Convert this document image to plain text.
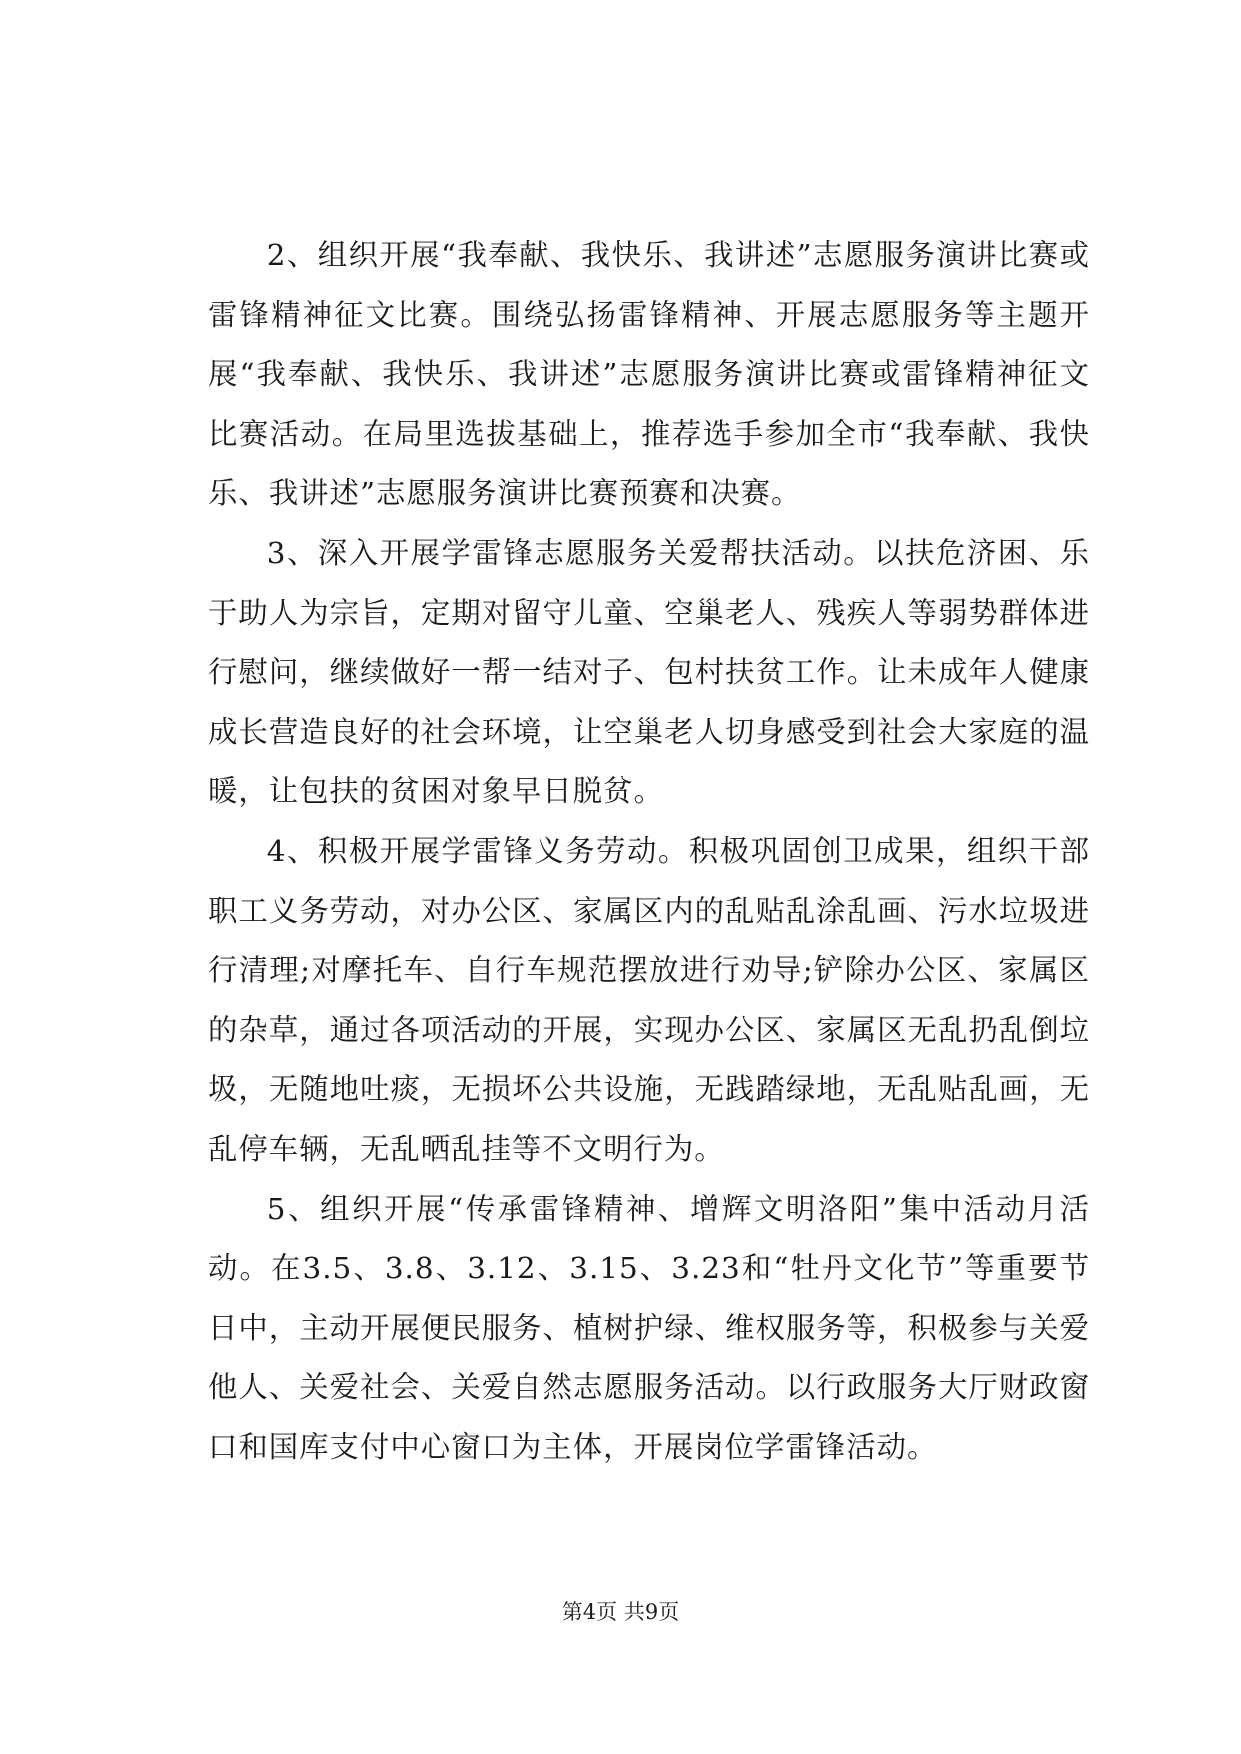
2、组织开展“我奉献、我快乐、我讲述”志愿服务演讲比赛或雷锋精神征文比赛。围绕弘扬雷锋精神、开展志愿服务等主题开展“我奉献、我快乐、我讲述”志愿服务演讲比赛或雷锋精神征文比赛活动。在局里选拔基础上，推荐选手参加全市“我奉献、我快乐、我讲述”志愿服务演讲比赛预赛和决赛。

3、深入开展学雷锋志愿服务关爱帮扶活动。以扶危济困、乐于助人为宗旨，定期对留守儿童、空巢老人、残疾人等弱势群体进行慰问，继续做好一帮一结对子、包村扶贫工作。让未成年人健康成长营造良好的社会环境，让空巢老人切身感受到社会大家庭的温暖，让包扶的贫困对象早日脱贫。

4、积极开展学雷锋义务劳动。积极巩固创卫成果，组织干部职工义务劳动，对办公区、家属区内的乱贴乱涂乱画、污水垃圾进行清理;对摩托车、自行车规范摆放进行劝导;铲除办公区、家属区的杂草，通过各项活动的开展，实现办公区、家属区无乱扔乱倒垃圾，无随地吐痰，无损坏公共设施，无践踏绿地，无乱贴乱画，无乱停车辆，无乱晒乱挂等不文明行为。

5、组织开展“传承雷锋精神、增辉文明洛阳”集中活动月活动。在3.5、3.8、3.12、3.15、3.23和“牡丹文化节”等重要节日中，主动开展便民服务、植树护绿、维权服务等，积极参与关爱他人、关爱社会、关爱自然志愿服务活动。以行政服务大厅财政窗口和国库支付中心窗口为主体，开展岗位学雷锋活动。

第4页 共9页
